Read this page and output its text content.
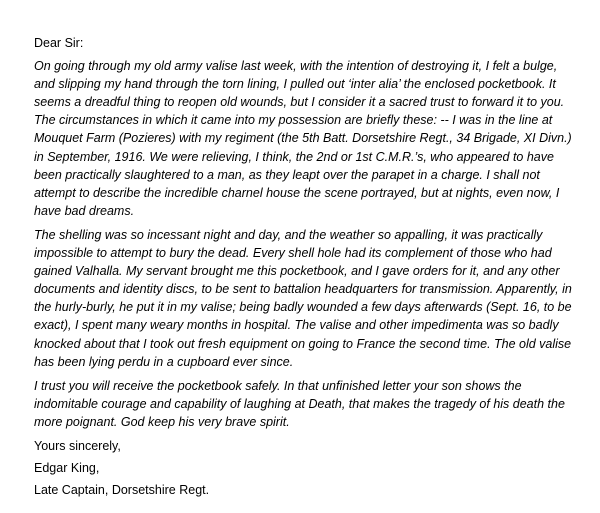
Dear Sir:

On going through my old army valise last week, with the intention of destroying it, I felt a bulge, and slipping my hand through the torn lining, I pulled out ‘inter alia’ the enclosed pocketbook. It seems a dreadful thing to reopen old wounds, but I consider it a sacred trust to forward it to you. The circumstances in which it came into my possession are briefly these: -- I was in the line at Mouquet Farm (Pozieres) with my regiment (the 5th Batt. Dorsetshire Regt., 34 Brigade, XI Divn.) in September, 1916. We were relieving, I think, the 2nd or 1st C.M.R.’s, who appeared to have been practically slaughtered to a man, as they leapt over the parapet in a charge. I shall not attempt to describe the incredible charnel house the scene portrayed, but at nights, even now, I have bad dreams.

The shelling was so incessant night and day, and the weather so appalling, it was practically impossible to attempt to bury the dead. Every shell hole had its complement of those who had gained Valhalla. My servant brought me this pocketbook, and I gave orders for it, and any other documents and identity discs, to be sent to battalion headquarters for transmission. Apparently, in the hurly-burly, he put it in my valise; being badly wounded a few days afterwards (Sept. 16, to be exact), I spent many weary months in hospital. The valise and other impedimenta was so badly knocked about that I took out fresh equipment on going to France the second time. The old valise has been lying perdu in a cupboard ever since.

I trust you will receive the pocketbook safely. In that unfinished letter your son shows the indomitable courage and capability of laughing at Death, that makes the tragedy of his death the more poignant. God keep his very brave spirit.

Yours sincerely,

Edgar King,

Late Captain, Dorsetshire Regt.
